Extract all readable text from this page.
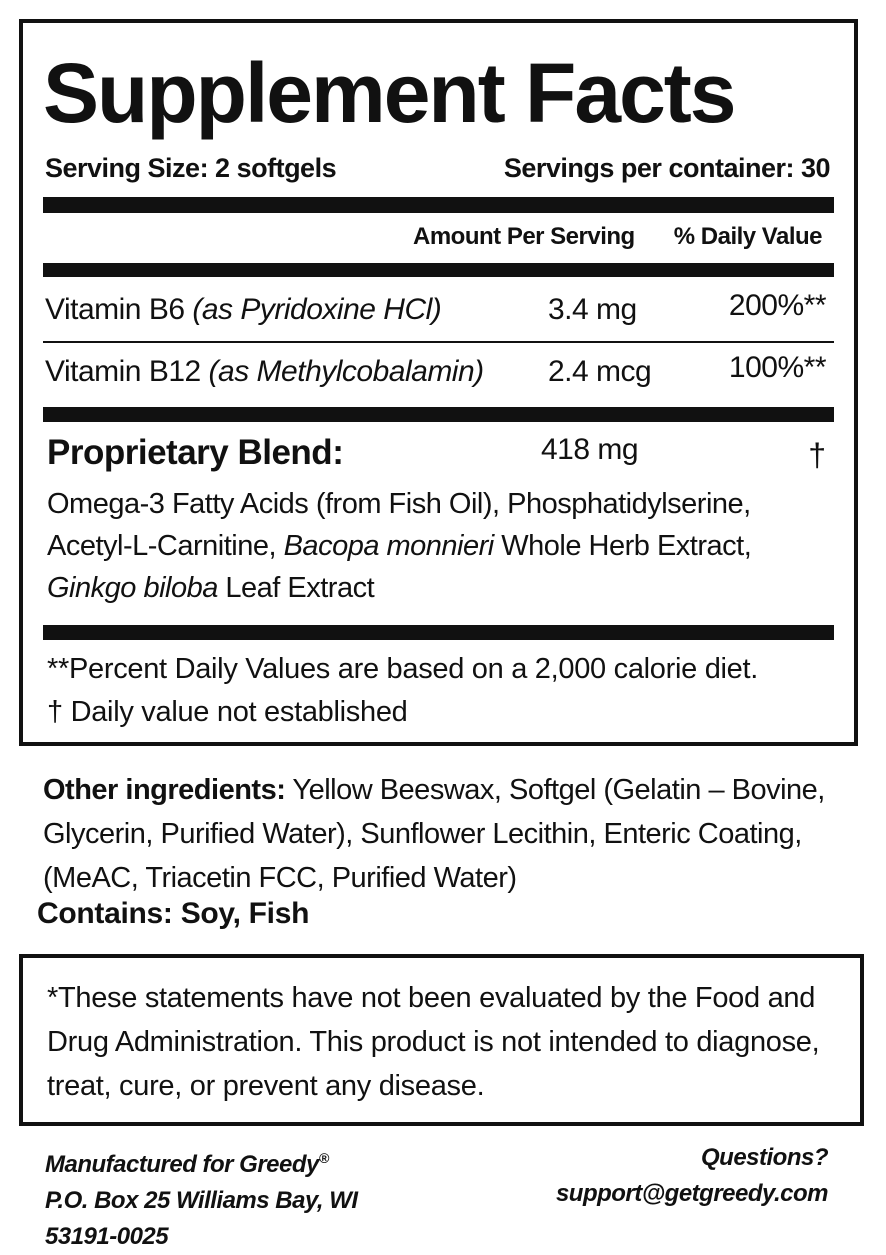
Supplement Facts
Serving Size: 2 softgels	Servings per container: 30
Amount Per Serving % Daily Value
Vitamin B6 (as Pyridoxine HCl)	3.4 mg	200%**
Vitamin B12 (as Methylcobalamin) 2.4 mcg	100%**
Proprietary Blend:	418 mg	†
Omega-3 Fatty Acids (from Fish Oil), Phosphatidylserine,
Acetyl-L-Carnitine, Bacopa monnieri Whole Herb Extract,
Ginkgo biloba Leaf Extract
**Percent Daily Values are based on a 2,000 calorie diet.
† Daily value not established
Other ingredients: Yellow Beeswax, Softgel (Gelatin – Bovine, Glycerin, Purified Water), Sunflower Lecithin, Enteric Coating, (MeAC, Triacetin FCC, Purified Water)
Contains: Soy, Fish
*These statements have not been evaluated by the Food and Drug Administration. This product is not intended to diagnose, treat, cure, or prevent any disease.
Manufactured for Greedy®
P.O. Box 25 Williams Bay, WI
53191-0025
Questions?
support@getgreedy.com
